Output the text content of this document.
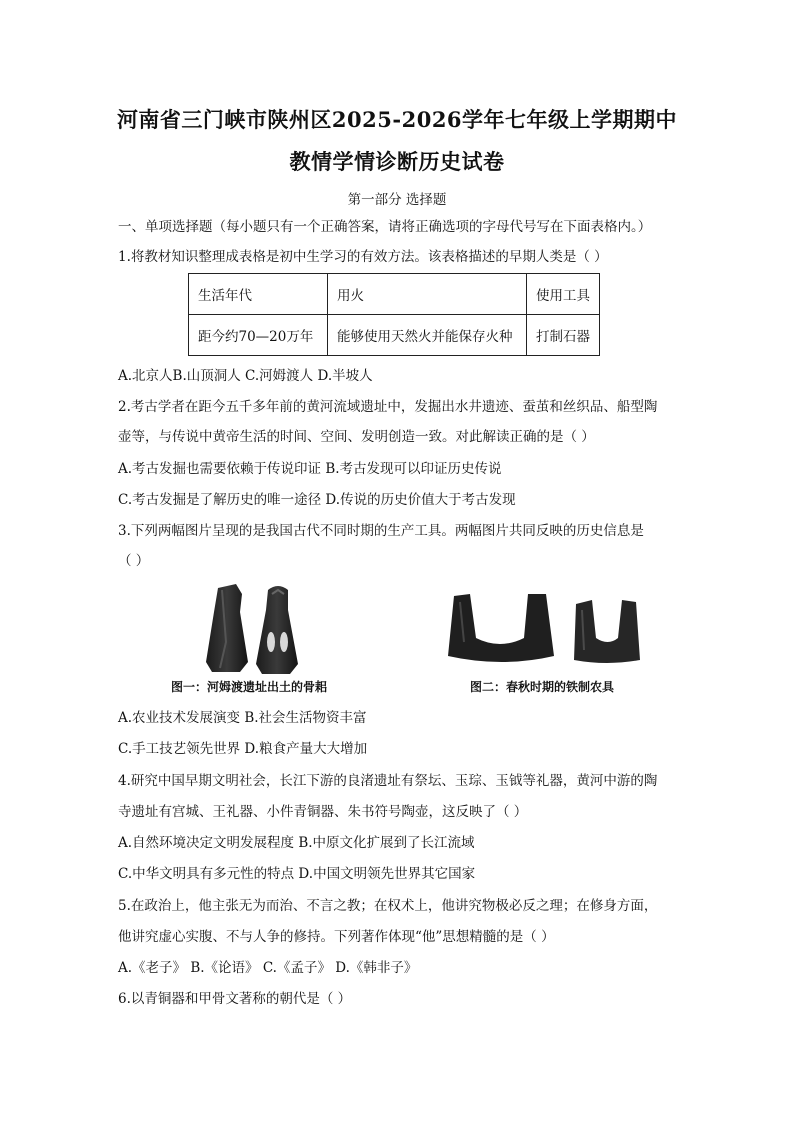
河南省三门峡市陕州区2025-2026学年七年级上学期期中
教情学情诊断历史试卷
第一部分 选择题
一、单项选择题（每小题只有一个正确答案，请将正确选项的字母代号写在下面表格内。）
1.将教材知识整理成表格是初中生学习的有效方法。该表格描述的早期人类是（ ）
生活年代	用火	使用工具
距今约70—20万年	能够使用天然火并能保存火种	打制石器
A.北京人B.山顶洞人 C.河姆渡人 D.半坡人
2.考古学者在距今五千多年前的黄河流域遗址中，发掘出水井遗迹、蚕茧和丝织品、船型陶
壶等，与传说中黄帝生活的时间、空间、发明创造一致。对此解读正确的是（ ）
A.考古发掘也需要依赖于传说印证 B.考古发现可以印证历史传说
C.考古发掘是了解历史的唯一途径 D.传说的历史价值大于考古发现
3.下列两幅图片呈现的是我国古代不同时期的生产工具。两幅图片共同反映的历史信息是
（ ）
图一：河姆渡遗址出土的骨耜	图二：春秋时期的铁制农具
A.农业技术发展演变 B.社会生活物资丰富
C.手工技艺领先世界 D.粮食产量大大增加
4.研究中国早期文明社会，长江下游的良渚遗址有祭坛、玉琮、玉钺等礼器，黄河中游的陶
寺遗址有宫城、王礼器、小件青铜器、朱书符号陶壶，这反映了（ ）
A.自然环境决定文明发展程度 B.中原文化扩展到了长江流域
C.中华文明具有多元性的特点 D.中国文明领先世界其它国家
5.在政治上，他主张无为而治、不言之教；在权术上，他讲究物极必反之理；在修身方面，
他讲究虚心实腹、不与人争的修持。下列著作体现“他”思想精髓的是（ ）
A.《老子》 B.《论语》 C.《孟子》 D.《韩非子》
6.以青铜器和甲骨文著称的朝代是（ ）
